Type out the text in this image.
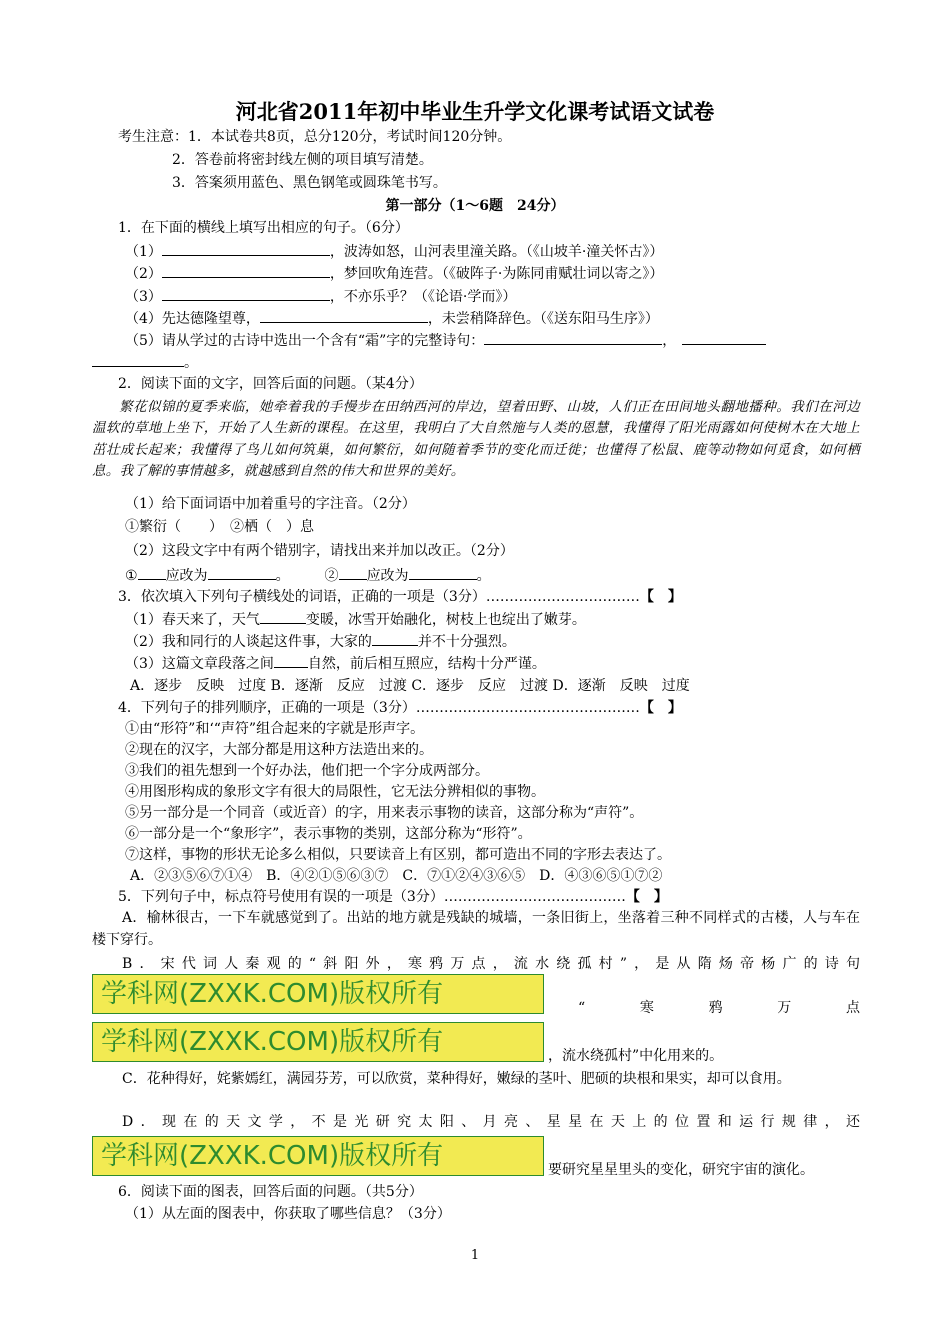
河北省2011年初中毕业生升学文化课考试语文试卷
考生注意：1．本试卷共8页，总分120分，考试时间120分钟。
2．答卷前将密封线左侧的项目填写清楚。
3．答案须用蓝色、黑色钢笔或圆珠笔书写。
第一部分（1～6题　24分）
1．在下面的横线上填写出相应的句子。（6分）
（1）	，波涛如怒，山河表里潼关路。（《山坡羊·潼关怀古》）
（2）	，梦回吹角连营。（《破阵子·为陈同甫赋壮词以寄之》）
（3）	，不亦乐乎？（《论语·学而》）
（4）先达德隆望尊，	，未尝稍降辞色。（《送东阳马生序》）
（5）请从学过的古诗中选出一个含有“霜”字的完整诗句：	，
。
2．阅读下面的文字，回答后面的问题。（某4分）
繁花似锦的夏季来临，她牵着我的手慢步在田纳西河的岸边，望着田野、山坡，人们正在田间地头翻地播种。我们在河边温软的草地上坐下，开始了人生新的课程。在这里，我明白了大自然施与人类的恩慧，我懂得了阳光雨露如何使树木在大地上茁壮成长起来；我懂得了鸟儿如何筑巢，如何繁衍，如何随着季节的变化而迁徙；也懂得了松鼠、鹿等动物如何觅食，如何栖息。我了解的事情越多，就越感到自然的伟大和世界的美好。
（1）给下面词语中加着重号的字注音。（2分）
①繁衍（　　）　②栖（　）息
（2）这段文字中有两个错别字，请找出来并加以改正。（2分）
① 应改为	。　　　② 应改为	。
3．依次填入下列句子横线处的词语，正确的一项是（3分）……………………………【　】
（1）春天来了，天气	变暖，冰雪开始融化，树枝上也绽出了嫩芽。
（2）我和同行的人谈起这件事，大家的	并不十分强烈。
（3）这篇文章段落之间 自然，前后相互照应，结构十分严谨。
A．逐步　反映　过度 B．逐渐　反应　过渡 C．逐步　反应　过渡 D．逐渐　反映　过度
4．下列句子的排列顺序，正确的一项是（3分）…………………………………………【　】
①由“形符”和‘“声符”组合起来的字就是形声字。
②现在的汉字，大部分都是用这种方法造出来的。
③我们的祖先想到一个好办法，他们把一个字分成两部分。
④用图形构成的象形文字有很大的局限性，它无法分辨相似的事物。
⑤另一部分是一个同音（或近音）的字，用来表示事物的读音，这部分称为“声符”。
⑥一部分是一个“象形字”，表示事物的类别，这部分称为“形符”。
⑦这样，事物的形状无论多么相似，只要读音上有区别，都可造出不同的字形去表达了。
A．②③⑤⑥⑦①④　 B．④②①⑤⑥③⑦　 C．⑦①②④③⑥⑤　 D．④③⑥⑤①⑦②
5．下列句子中，标点符号使用有误的一项是（3分）…………………………………【　】
A．榆林很古，一下车就感觉到了。出站的地方就是残缺的城墙，一条旧街上，坐落着三种不同样式的古楼，人与车在楼下穿行。
B．宋代词人秦观的“斜阳外，寒鸦万点，流水绕孤村”，是从隋炀帝杨广的诗句
学科网(ZXXK.COM)版权所有	“	寒	鸦	万	点
学科网(ZXXK.COM)版权所有	，流水绕孤村”中化用来的。
C．花种得好，姹紫嫣红，满园芬芳，可以欣赏，菜种得好，嫩绿的茎叶、肥硕的块根和果实，却可以食用。
D．现在的天文学，不是光研究太阳、月亮、星星在天上的位置和运行规律，还
学科网(ZXXK.COM)版权所有	要研究星星里头的变化，研究宇宙的演化。
6．阅读下面的图表，回答后面的问题。（共5分）
（1）从左面的图表中，你获取了哪些信息？（3分）
1
